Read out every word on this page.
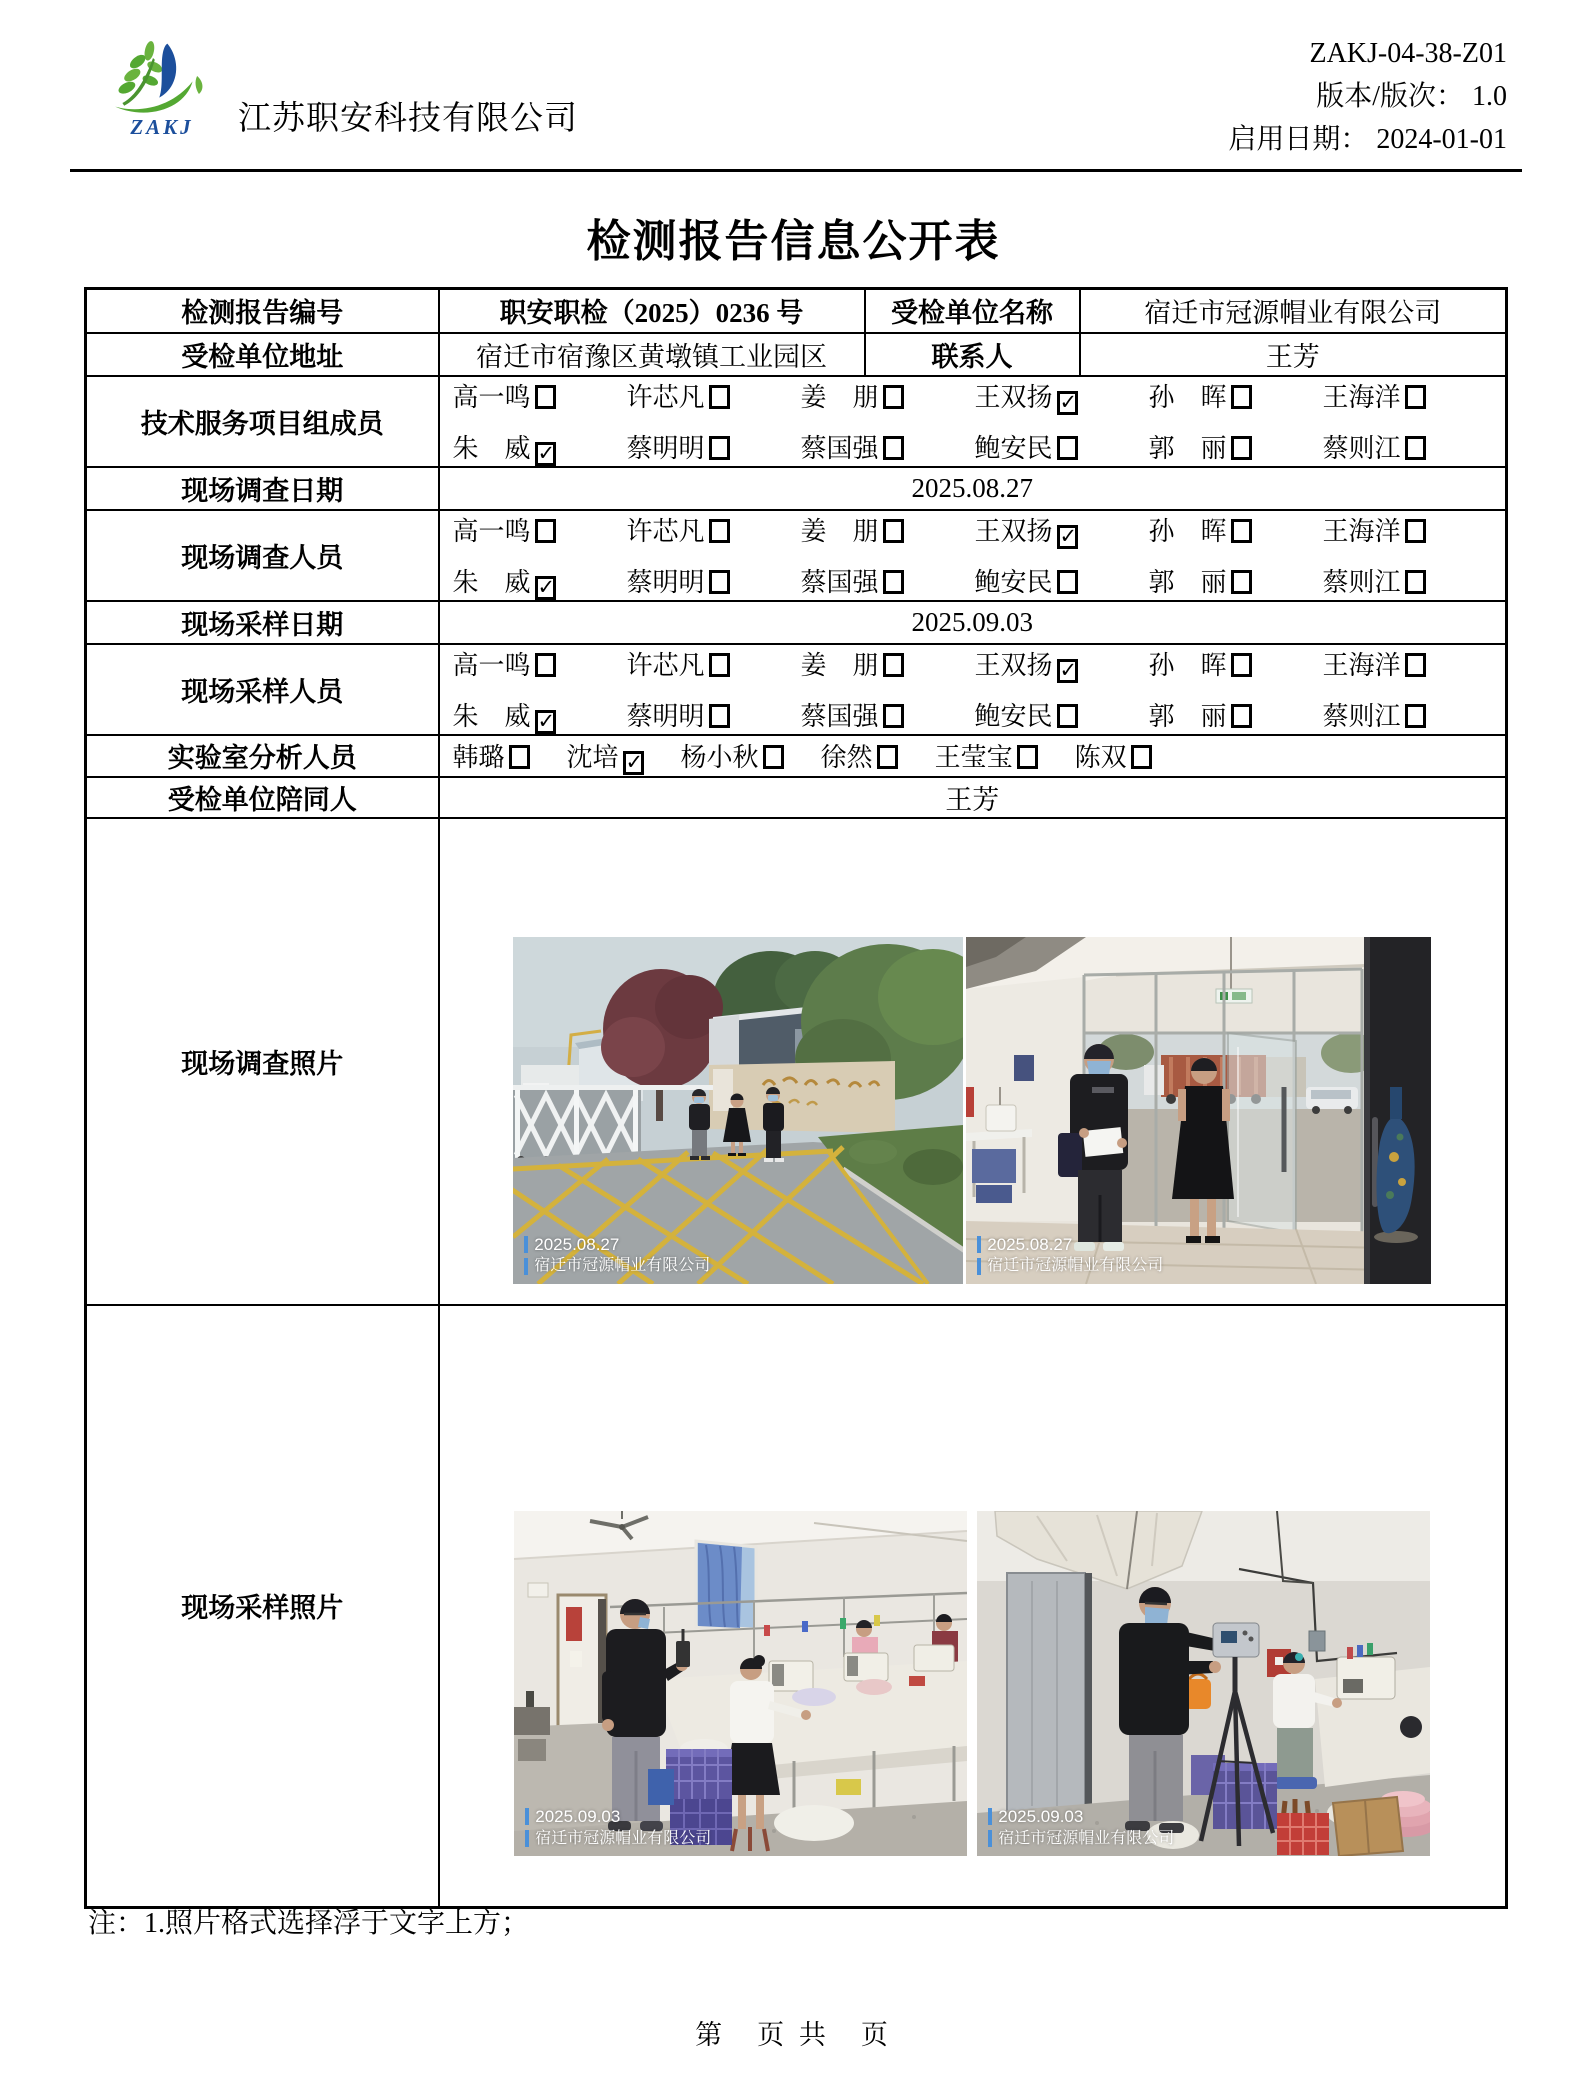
ZAKJ	江苏职安科技有限公司
ZAKJ-04-38-Z01
版本/版次： 1.0
启用日期： 2024-01-01
检测报告信息公开表
检测报告编号	职安职检（2025）0236 号	受检单位名称	宿迁市冠源帽业有限公司
受检单位地址	宿迁市宿豫区黄墩镇工业园区	联系人	王芳
技术服务项目组成员	
高一鸣	许芯凡	姜　朋	王双扬 ✓	孙　晖	王海洋
朱　威 ✓	蔡明明	蔡国强	鲍安民	郭　丽	蔡则江

现场调查日期	2025.08.27		
现场调查人员	
高一鸣	许芯凡	姜　朋	王双扬 ✓	孙　晖	王海洋
朱　威 ✓	蔡明明	蔡国强	鲍安民	郭　丽	蔡则江

现场采样日期	2025.09.03		
现场采样人员	
高一鸣	许芯凡	姜　朋	王双扬 ✓	孙　晖	王海洋
朱　威 ✓	蔡明明	蔡国强	鲍安民	郭　丽	蔡则江

实验室分析人员	韩璐	沈培 ✓ 杨小秋	徐然	王莹宝	陈双

受检单位陪同人	王芳		
现场调查照片	2025.08.27
宿迁市冠源帽业有限公司
2025.08.27
宿迁市冠源帽业有限公司		

现场采样照片	2025.09.03
宿迁市冠源帽业有限公司
2025.09.03
宿迁市冠源帽业有限公司		
注：1.照片格式选择浮于文字上方；
第　页 共　页
